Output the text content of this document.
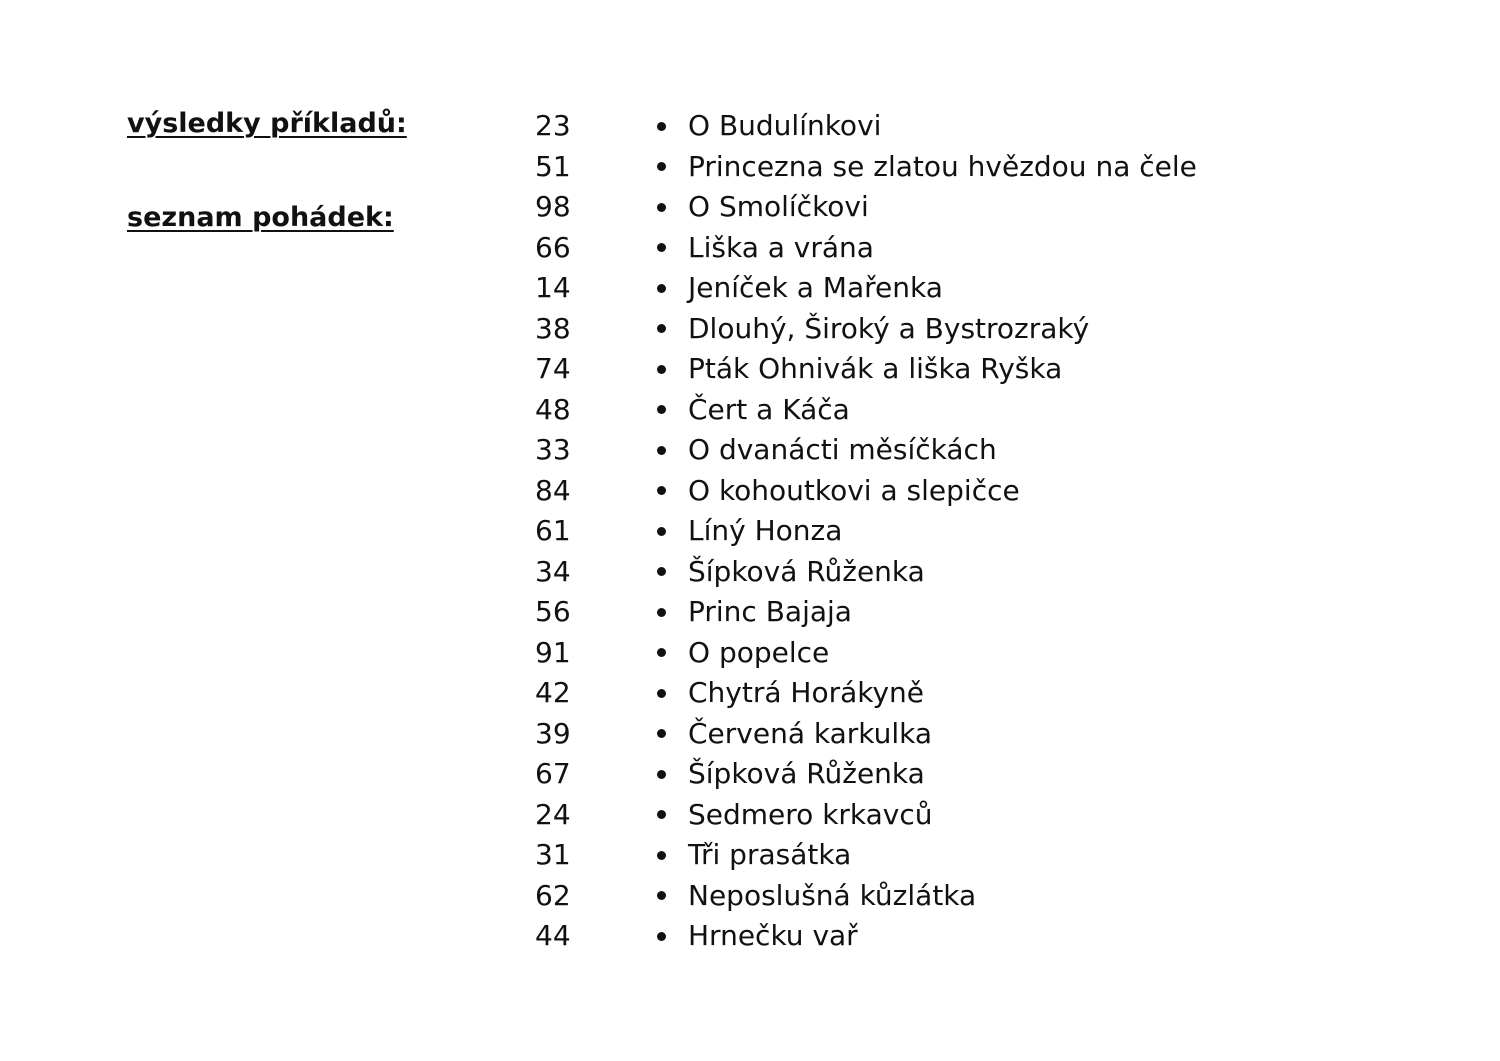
výsledky příkladů:
seznam pohádek:
23
51
98
66
14
38
74
48
33
84
61
34
56
91
42
39
67
24
31
62
44
O Budulínkovi
Princezna se zlatou hvězdou na čele
O Smolíčkovi
Liška a vrána
Jeníček a Mařenka
Dlouhý, Široký a Bystrozraký
Pták Ohnivák a liška Ryška
Čert a Káča
O dvanácti měsíčkách
O kohoutkovi a slepičce
Líný Honza
Šípková Růženka
Princ Bajaja
O popelce
Chytrá Horákyně
Červená karkulka
Šípková Růženka
Sedmero krkavců
Tři prasátka
Neposlušná kůzlátka
Hrnečku vař
